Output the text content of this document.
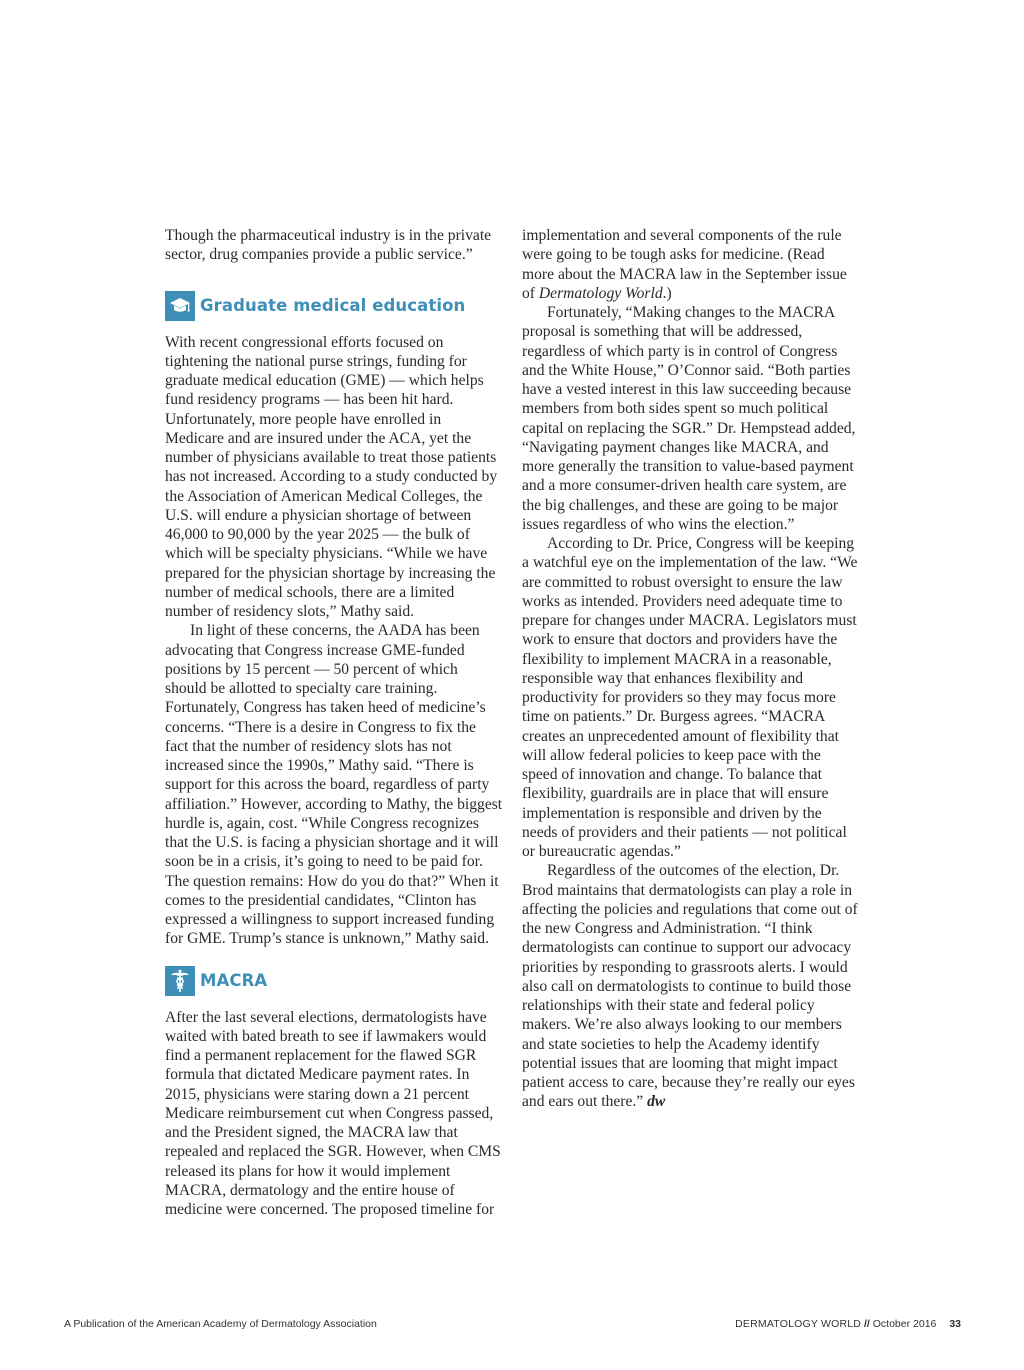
Though the pharmaceutical industry is in the private sector, drug companies provide a public service.”

Graduate medical education

With recent congressional efforts focused on tightening the national purse strings, funding for graduate medical education (GME) — which helps fund residency programs — has been hit hard. Unfortunately, more people have enrolled in Medicare and are insured under the ACA, yet the number of physicians available to treat those patients has not increased. According to a study conducted by the Association of American Medical Colleges, the U.S. will endure a physician shortage of between 46,000 to 90,000 by the year 2025 — the bulk of which will be specialty physicians. “While we have prepared for the physician shortage by increasing the number of medical schools, there are a limited number of residency slots,” Mathy said.

In light of these concerns, the AADA has been advocating that Congress increase GME-funded positions by 15 percent — 50 percent of which should be allotted to specialty care training. Fortunately, Congress has taken heed of medicine’s concerns. “There is a desire in Congress to fix the fact that the number of residency slots has not increased since the 1990s,” Mathy said. “There is support for this across the board, regardless of party affiliation.” However, according to Mathy, the biggest hurdle is, again, cost. “While Congress recognizes that the U.S. is facing a physician shortage and it will soon be in a crisis, it’s going to need to be paid for. The question remains: How do you do that?” When it comes to the presidential candidates, “Clinton has expressed a willingness to support increased funding for GME. Trump’s stance is unknown,” Mathy said.

MACRA

After the last several elections, dermatologists have waited with bated breath to see if lawmakers would find a permanent replacement for the flawed SGR formula that dictated Medicare payment rates. In 2015, physicians were staring down a 21 percent Medicare reimbursement cut when Congress passed, and the President signed, the MACRA law that repealed and replaced the SGR. However, when CMS released its plans for how it would implement MACRA, dermatology and the entire house of medicine were concerned. The proposed timeline for

implementation and several components of the rule were going to be tough asks for medicine. (Read more about the MACRA law in the September issue of Dermatology World.)

Fortunately, “Making changes to the MACRA proposal is something that will be addressed, regardless of which party is in control of Congress and the White House,” O’Connor said. “Both parties have a vested interest in this law succeeding because members from both sides spent so much political capital on replacing the SGR.” Dr. Hempstead added, “Navigating payment changes like MACRA, and more generally the transition to value-based payment and a more consumer-driven health care system, are the big challenges, and these are going to be major issues regardless of who wins the election.”

According to Dr. Price, Congress will be keeping a watchful eye on the implementation of the law. “We are committed to robust oversight to ensure the law works as intended. Providers need adequate time to prepare for changes under MACRA. Legislators must work to ensure that doctors and providers have the flexibility to implement MACRA in a reasonable, responsible way that enhances flexibility and productivity for providers so they may focus more time on patients.” Dr. Burgess agrees. “MACRA creates an unprecedented amount of flexibility that will allow federal policies to keep pace with the speed of innovation and change. To balance that flexibility, guardrails are in place that will ensure implementation is responsible and driven by the needs of providers and their patients — not political or bureaucratic agendas.”

Regardless of the outcomes of the election, Dr. Brod maintains that dermatologists can play a role in affecting the policies and regulations that come out of the new Congress and Administration. “I think dermatologists can continue to support our advocacy priorities by responding to grassroots alerts. I would also call on dermatologists to continue to build those relationships with their state and federal policy makers. We’re also always looking to our members and state societies to help the Academy identify potential issues that are looming that might impact patient access to care, because they’re really our eyes and ears out there.” dw

A Publication of the American Academy of Dermatology Association	DERMATOLOGY WORLD // October 2016 33
